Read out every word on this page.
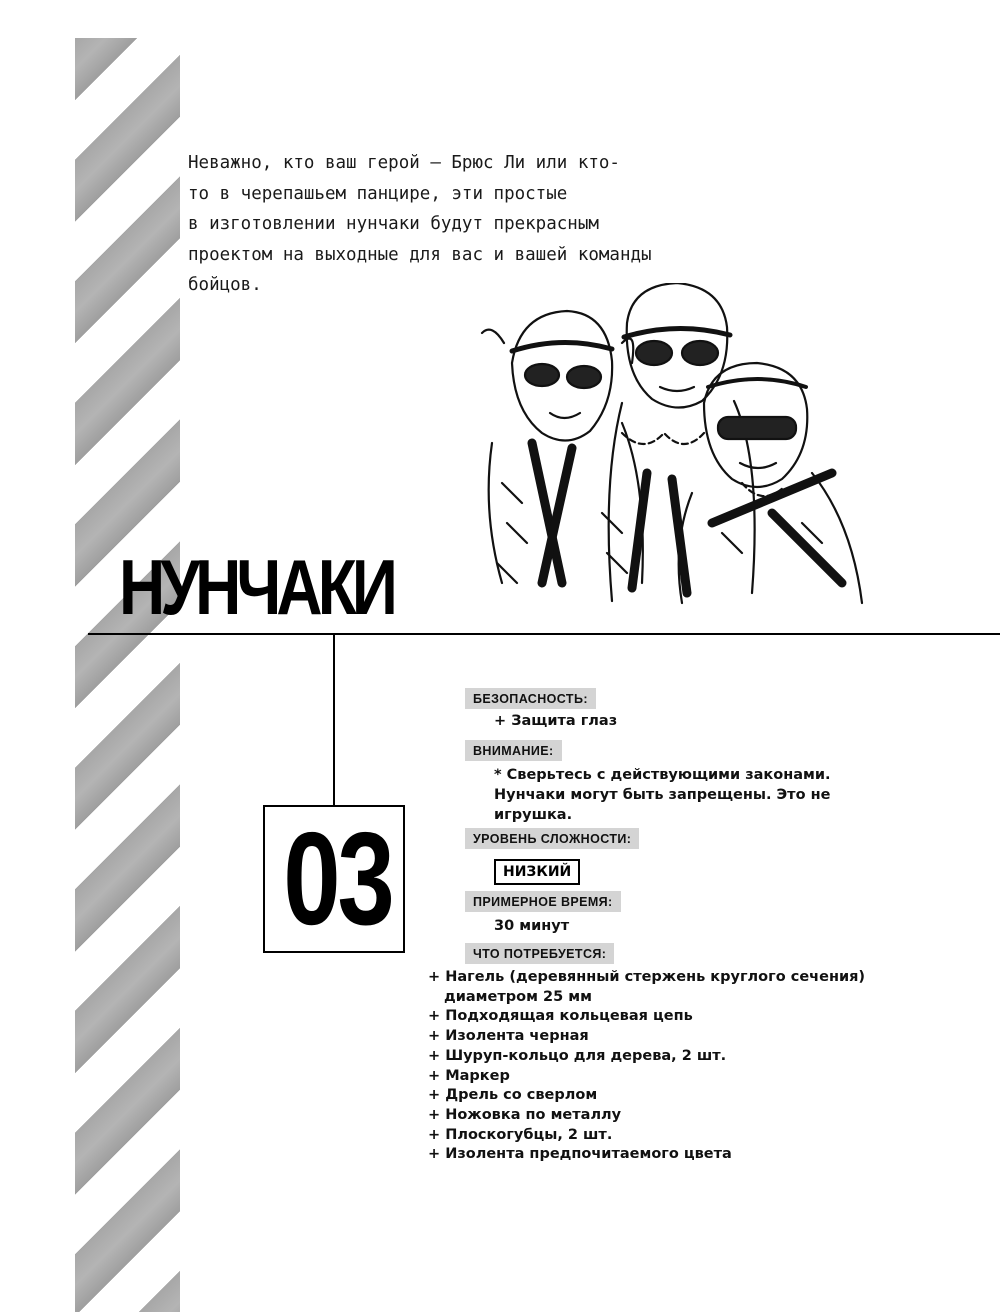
Неважно, кто ваш герой — Брюс Ли или кто-
то в черепашьем панцире, эти простые
в изготовлении нунчаки будут прекрасным
проектом на выходные для вас и вашей команды
бойцов.

НУНЧАКИ
03
БЕЗОПАСНОСТЬ:

+ Защита глаз

ВНИМАНИЕ:

* Сверьтесь с действующими законами.

Нунчаки могут быть запрещены. Это не

игрушка.

УРОВЕНЬ СЛОЖНОСТИ:
НИЗКИЙ
ПРИМЕРНОЕ ВРЕМЯ:

30 минут

ЧТО ПОТРЕБУЕТСЯ:
+ Нагель (деревянный стержень круглого сечения)
диаметром 25 мм
+ Подходящая кольцевая цепь
+ Изолента черная
+ Шуруп-кольцо для дерева, 2 шт.
+ Маркер
+ Дрель со сверлом
+ Ножовка по металлу
+ Плоскогубцы, 2 шт.
+ Изолента предпочитаемого цвета
